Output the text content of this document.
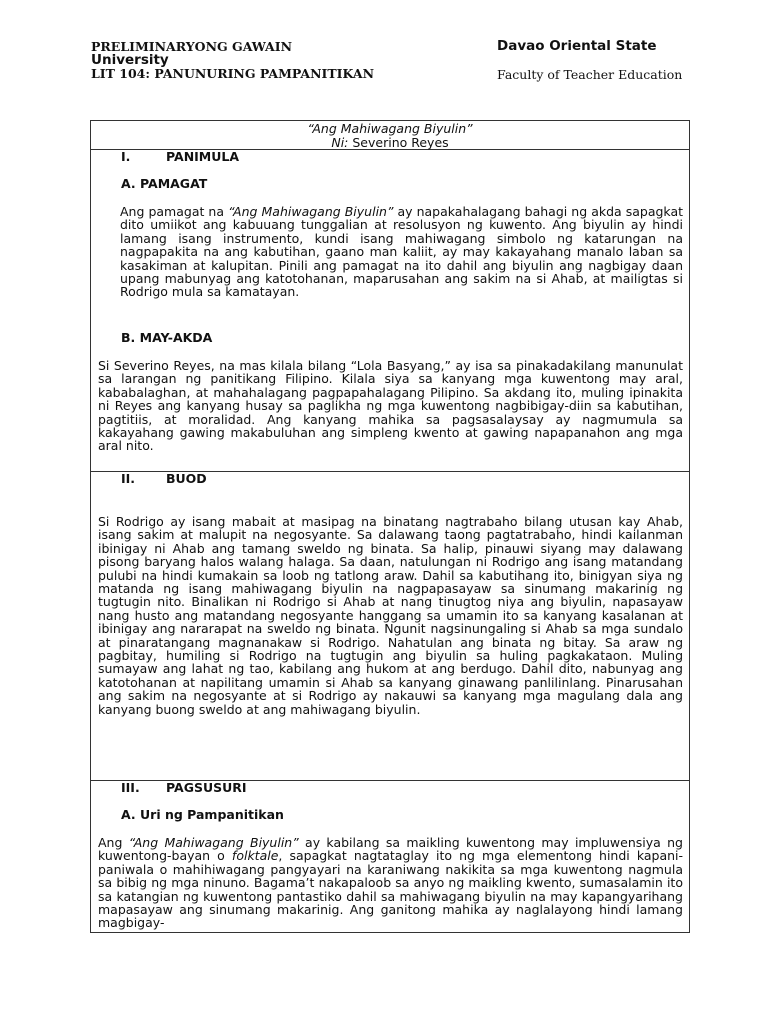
PRELIMINARYONG GAWAIN	Davao Oriental State
University
LIT 104: PANUNURING PAMPANITIKAN	Faculty of Teacher Education
“Ang Mahiwagang Biyulin”
Ni: Severino Reyes
I.	PANIMULA
A. PAMAGAT

Ang pamagat na “Ang Mahiwagang Biyulin” ay napakahalagang bahagi ng akda sapagkat dito umiikot ang kabuuang tunggalian at resolusyon ng kuwento. Ang biyulin ay hindi lamang isang instrumento, kundi isang mahiwagang simbolo ng katarungan na nagpapakita na ang kabutihan, gaano man kaliit, ay may kakayahang manalo laban sa kasakiman at kalupitan. Pinili ang pamagat na ito dahil ang biyulin ang nagbigay daan upang mabunyag ang katotohanan, maparusahan ang sakim na si Ahab, at mailigtas si Rodrigo mula sa kamatayan.

B. MAY-AKDA

Si Severino Reyes, na mas kilala bilang “Lola Basyang,” ay isa sa pinakadakilang manunulat sa larangan ng panitikang Filipino. Kilala siya sa kanyang mga kuwentong may aral, kababalaghan, at mahahalagang pagpapahalagang Pilipino. Sa akdang ito, muling ipinakita ni Reyes ang kanyang husay sa paglikha ng mga kuwentong nagbibigay-diin sa kabutihan, pagtitiis, at moralidad. Ang kanyang mahika sa pagsasalaysay ay nagmumula sa kakayahang gawing makabuluhan ang simpleng kwento at gawing napapanahon ang mga aral nito.

II.	BUOD

Si Rodrigo ay isang mabait at masipag na binatang nagtrabaho bilang utusan kay Ahab, isang sakim at malupit na negosyante. Sa dalawang taong pagtatrabaho, hindi kailanman ibinigay ni Ahab ang tamang sweldo ng binata. Sa halip, pinauwi siyang may dalawang pisong baryang halos walang halaga. Sa daan, natulungan ni Rodrigo ang isang matandang pulubi na hindi kumakain sa loob ng tatlong araw. Dahil sa kabutihang ito, binigyan siya ng matanda ng isang mahiwagang biyulin na nagpapasayaw sa sinumang makarinig ng tugtugin nito. Binalikan ni Rodrigo si Ahab at nang tinugtog niya ang biyulin, napasayaw nang husto ang matandang negosyante hanggang sa umamin ito sa kanyang kasalanan at ibinigay ang nararapat na sweldo ng binata. Ngunit nagsinungaling si Ahab sa mga sundalo at pinaratangang magnanakaw si Rodrigo. Nahatulan ang binata ng bitay. Sa araw ng pagbitay, humiling si Rodrigo na tugtugin ang biyulin sa huling pagkakataon. Muling sumayaw ang lahat ng tao, kabilang ang hukom at ang berdugo. Dahil dito, nabunyag ang katotohanan at napilitang umamin si Ahab sa kanyang ginawang panlilinlang. Pinarusahan ang sakim na negosyante at si Rodrigo ay nakauwi sa kanyang mga magulang dala ang kanyang buong sweldo at ang mahiwagang biyulin.

III.	PAGSUSURI
A. Uri ng Pampanitikan

Ang “Ang Mahiwagang Biyulin” ay kabilang sa maikling kuwentong may impluwensiya ng kuwentong-bayan o folktale, sapagkat nagtataglay ito ng mga elementong hindi kapani-paniwala o mahihiwagang pangyayari na karaniwang nakikita sa mga kuwentong nagmula sa bibig ng mga ninuno. Bagama’t nakapaloob sa anyo ng maikling kwento, sumasalamin ito sa katangian ng kuwentong pantastiko dahil sa mahiwagang biyulin na may kapangyarihang mapasayaw ang sinumang makarinig. Ang ganitong mahika ay naglalayong hindi lamang magbigay-
